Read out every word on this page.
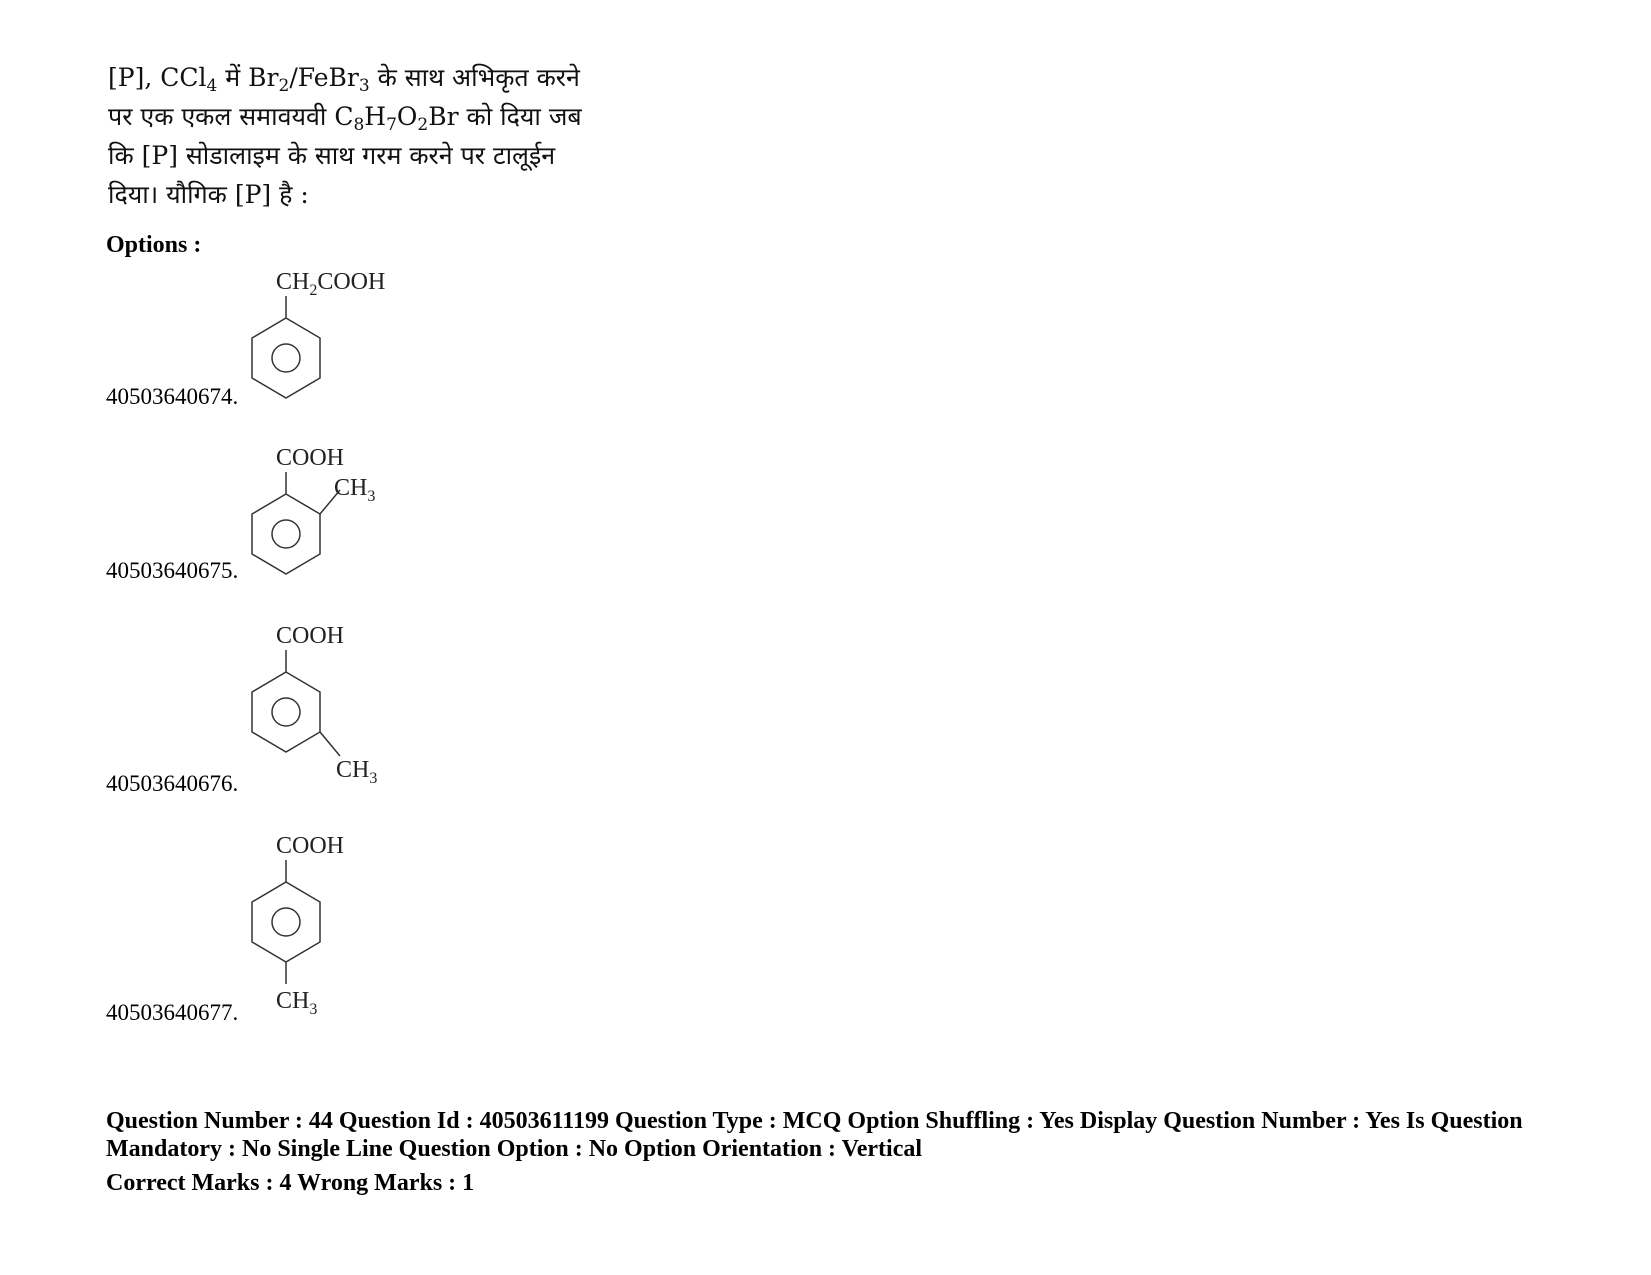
[P], CCl$_4$ में $Br_2/FeBr_3$ के साथ अभिकृत करने

पर एक एकल समावयवी $C_8H_7O_2Br$ को दिया जब

कि [P] सोडालाइम के साथ गरम करने पर टालूईन

दिया। यौगिक [P] है :

Options :
40503640674.
$CH_2COOH$
40503640675.
COOH
$CH_3$
40503640676.
COOH
$CH_3$
40503640677.
COOH
$CH_3$

Question Number : 44 Question Id : 40503611199 Question Type : MCQ Option Shuffling : Yes Display Question Number : Yes Is Question Mandatory : No Single Line Question Option : No Option Orientation : Vertical

Correct Marks : 4 Wrong Marks : 1
